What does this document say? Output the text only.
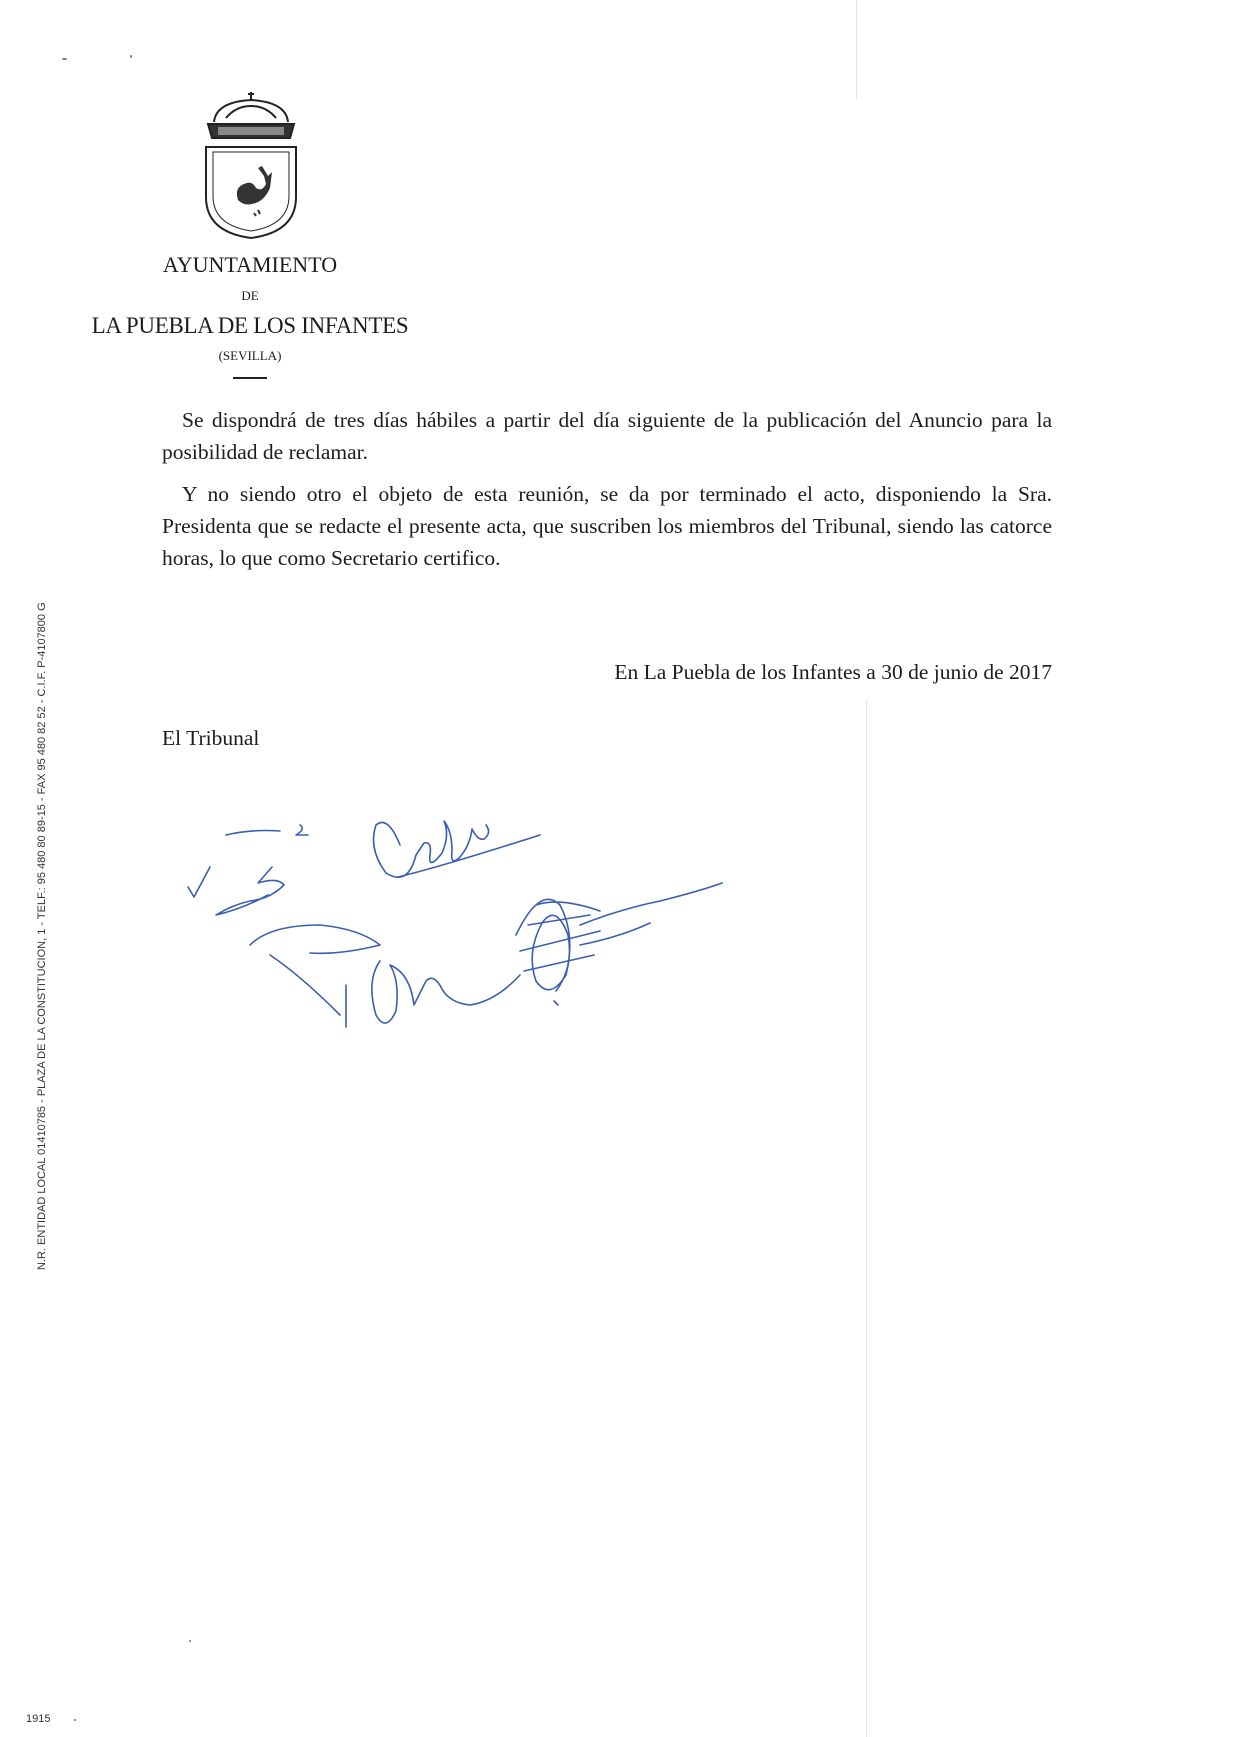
AYUNTAMIENTO
DE
LA PUEBLA DE LOS INFANTES
(SEVILLA)

Se dispondrá de tres días hábiles a partir del día siguiente de la publicación del Anuncio para la posibilidad de reclamar.

Y no siendo otro el objeto de esta reunión, se da por terminado el acto, disponiendo la Sra. Presidenta que se redacte el presente acta, que suscriben los miembros del Tribunal, siendo las catorce horas, lo que como Secretario certifico.

En La Puebla de los Infantes a 30 de junio de 2017
El Tribunal
N.R. ENTIDAD LOCAL 01410785 - PLAZA DE LA CONSTITUCION, 1 - TELF.: 95 480 80 89-15 - FAX 95 480 82 52 - C.I.F. P-4107800 G
1915
